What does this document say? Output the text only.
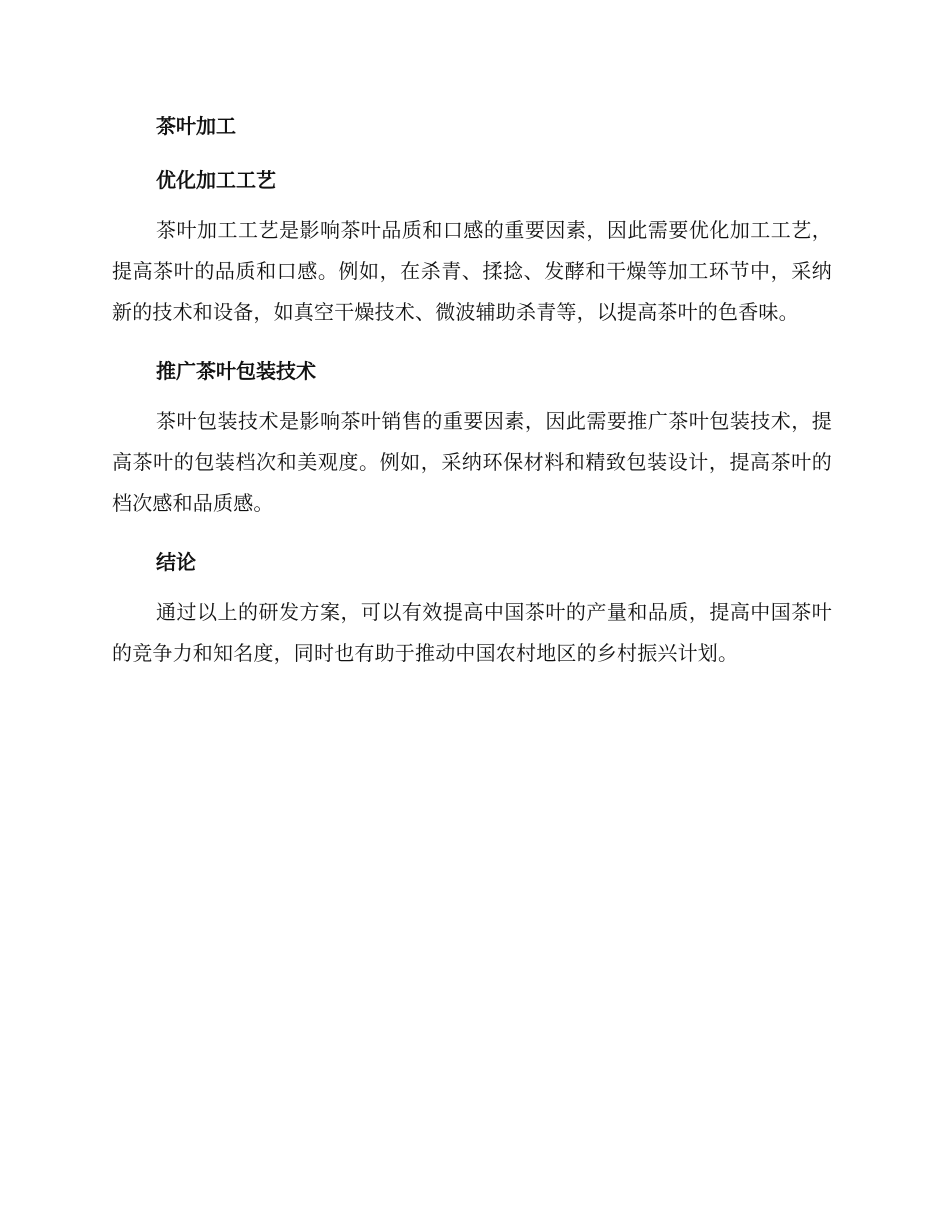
茶叶加工
优化加工工艺

茶叶加工工艺是影响茶叶品质和口感的重要因素，因此需要优化加工工艺，提高茶叶的品质和口感。例如，在杀青、揉捻、发酵和干燥等加工环节中，采纳新的技术和设备，如真空干燥技术、微波辅助杀青等，以提高茶叶的色香味。

推广茶叶包装技术

茶叶包装技术是影响茶叶销售的重要因素，因此需要推广茶叶包装技术，提高茶叶的包装档次和美观度。例如，采纳环保材料和精致包装设计，提高茶叶的档次感和品质感。

结论

通过以上的研发方案，可以有效提高中国茶叶的产量和品质，提高中国茶叶的竞争力和知名度，同时也有助于推动中国农村地区的乡村振兴计划。
